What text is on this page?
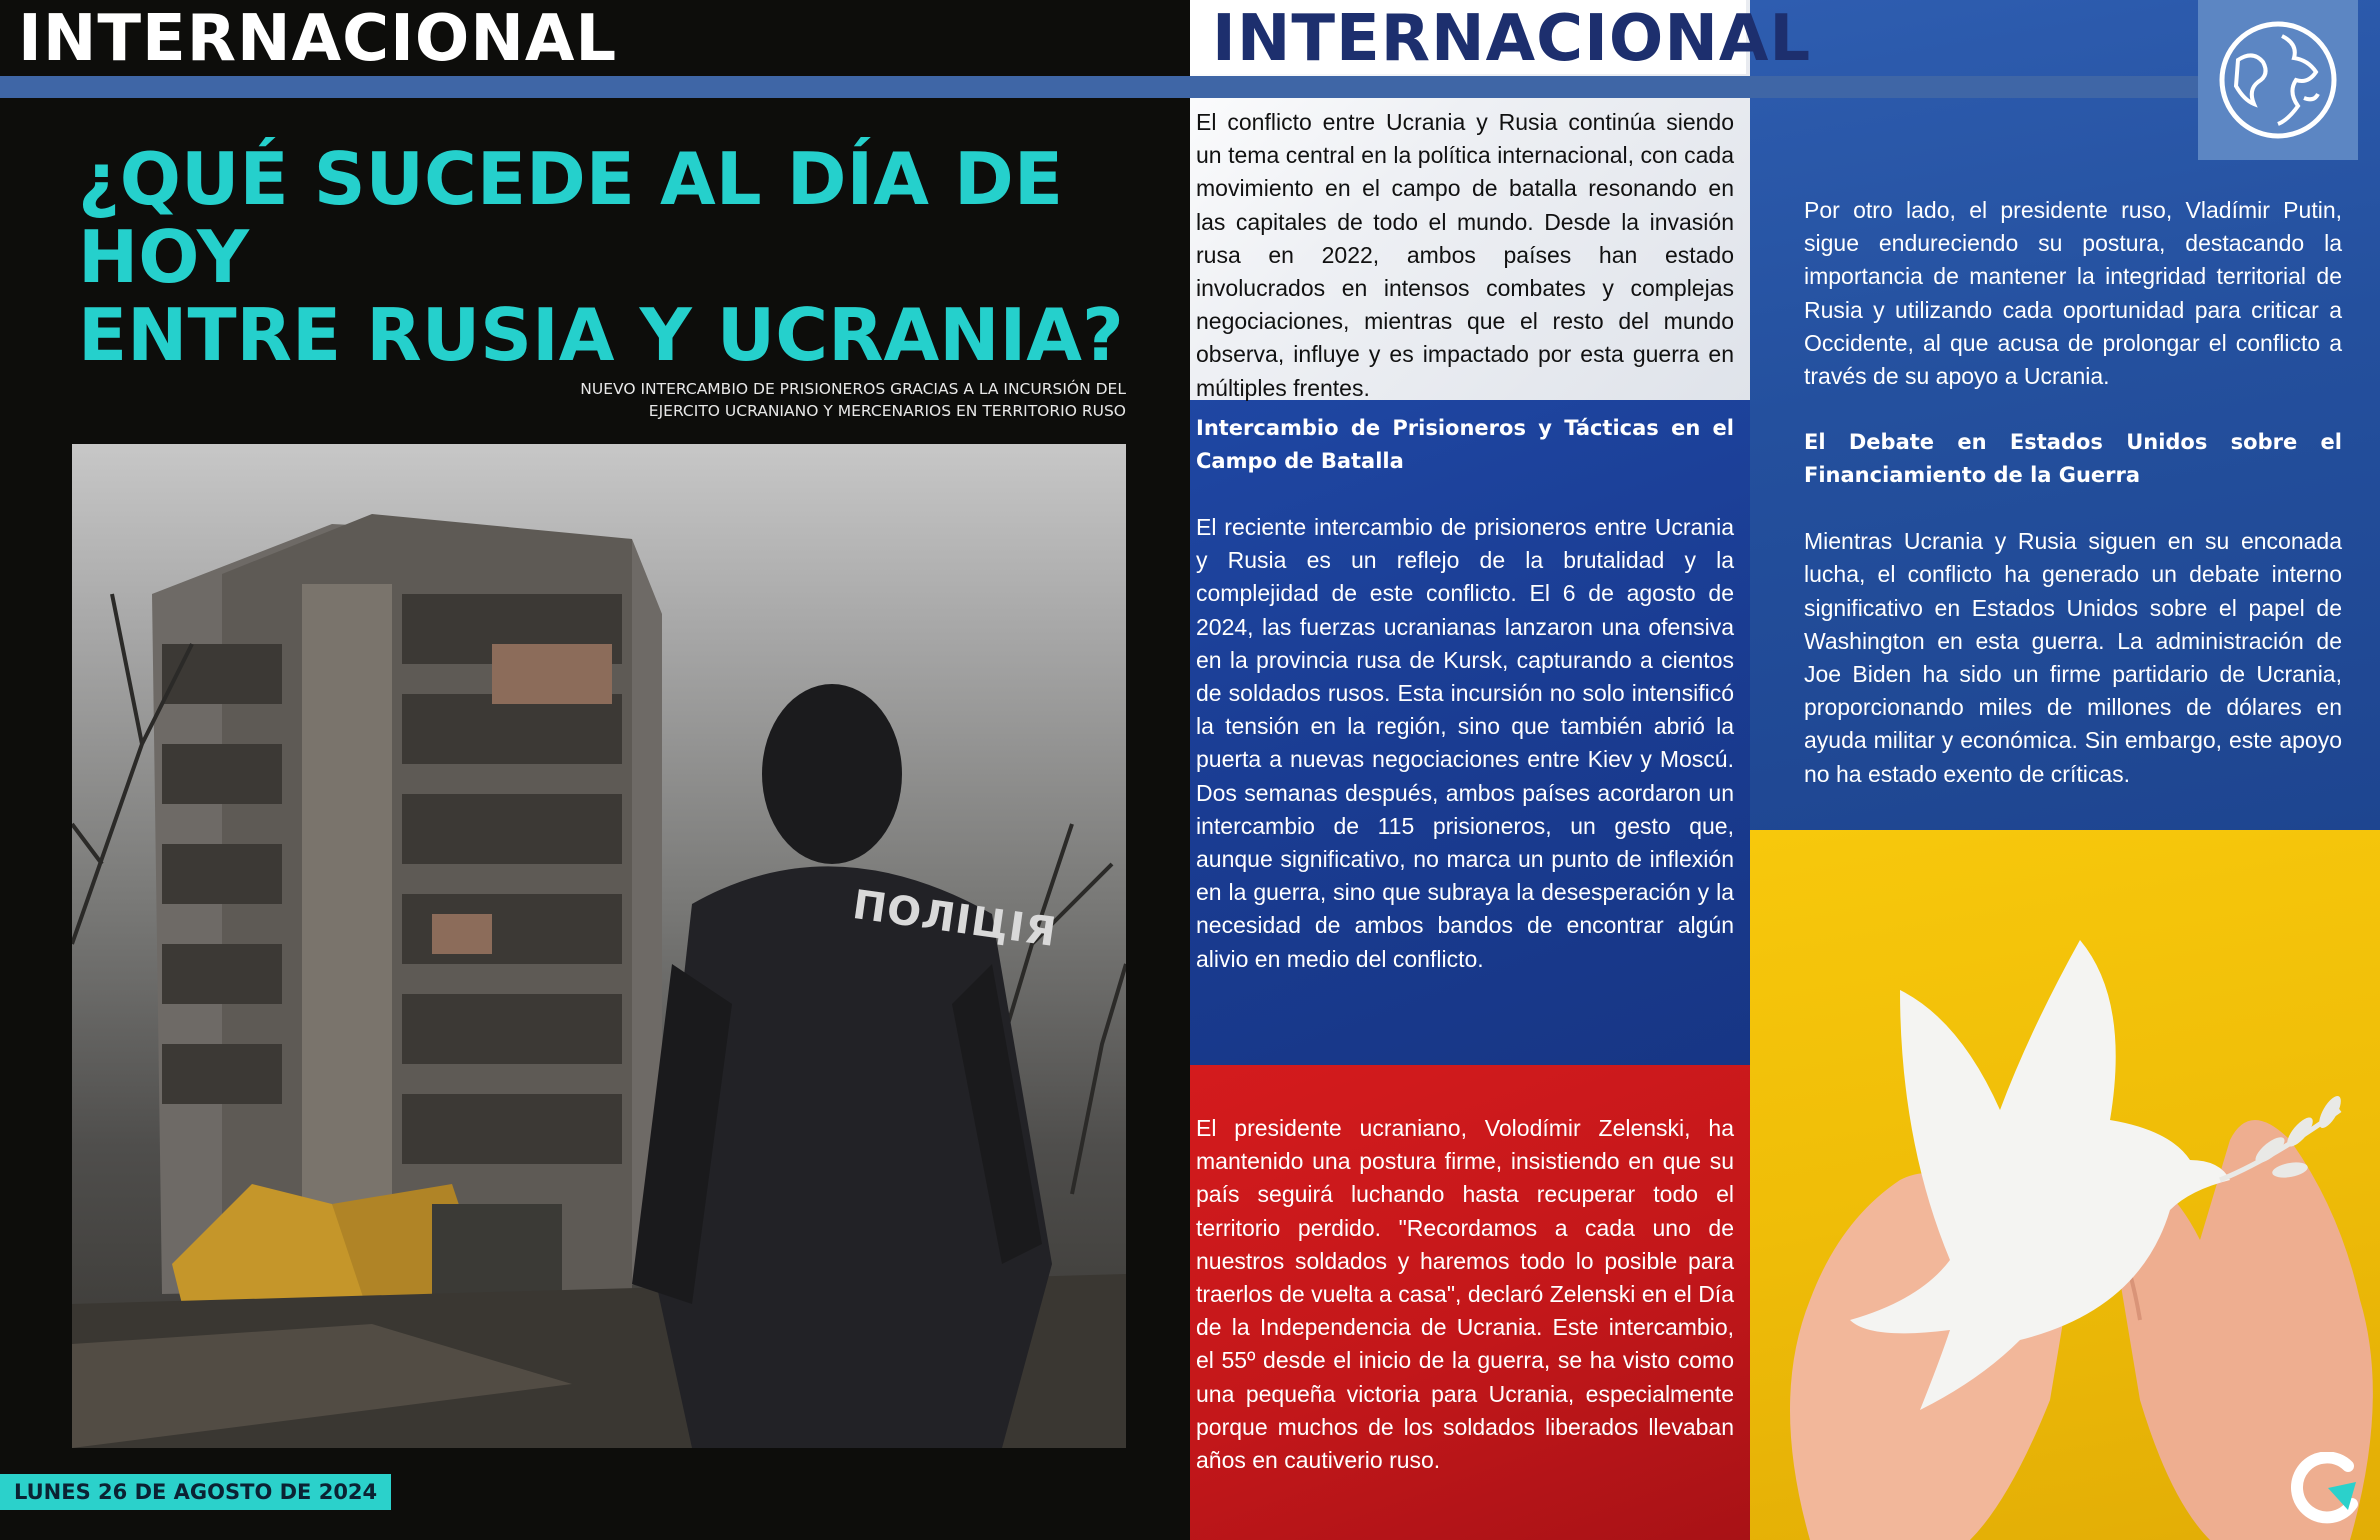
INTERNACIONAL
¿QUÉ SUCEDE AL DÍA DE HOY
ENTRE RUSIA Y UCRANIA?
NUEVO INTERCAMBIO DE PRISIONEROS GRACIAS A LA INCURSIÓN DEL
EJERCITO UCRANIANO Y MERCENARIOS EN TERRITORIO RUSO
ПОЛІЦІЯ
LUNES 26 DE AGOSTO DE 2024
INTERNACIONAL

El conflicto entre Ucrania y Rusia continúa siendo un tema central en la política internacional, con cada movimiento en el campo de batalla resonando en las capitales de todo el mundo. Desde la invasión rusa en 2022, ambos países han estado involucrados en intensos combates y complejas negociaciones, mientras que el resto del mundo observa, influye y es impactado por esta guerra en múltiples frentes.

Intercambio de Prisioneros y Tácticas en el Campo de Batalla

El reciente intercambio de prisioneros entre Ucrania y Rusia es un reflejo de la brutalidad y la complejidad de este conflicto. El 6 de agosto de 2024, las fuerzas ucranianas lanzaron una ofensiva en la provincia rusa de Kursk, capturando a cientos de soldados rusos. Esta incursión no solo intensificó la tensión en la región, sino que también abrió la puerta a nuevas negociaciones entre Kiev y Moscú. Dos semanas después, ambos países acordaron un intercambio de 115 prisioneros, un gesto que, aunque significativo, no marca un punto de inflexión en la guerra, sino que subraya la desesperación y la necesidad de ambos bandos de encontrar algún alivio en medio del conflicto.

El presidente ucraniano, Volodímir Zelenski, ha mantenido una postura firme, insistiendo en que su país seguirá luchando hasta recuperar todo el territorio perdido. "Recordamos a cada uno de nuestros soldados y haremos todo lo posible para traerlos de vuelta a casa", declaró Zelenski en el Día de la Independencia de Ucrania. Este intercambio, el 55º desde el inicio de la guerra, se ha visto como una pequeña victoria para Ucrania, especialmente porque muchos de los soldados liberados llevaban años en cautiverio ruso.

Por otro lado, el presidente ruso, Vladímir Putin, sigue endureciendo su postura, destacando la importancia de mantener la integridad territorial de Rusia y utilizando cada oportunidad para criticar a Occidente, al que acusa de prolongar el conflicto a través de su apoyo a Ucrania.

El Debate en Estados Unidos sobre el Financiamiento de la Guerra

Mientras Ucrania y Rusia siguen en su enconada lucha, el conflicto ha generado un debate interno significativo en Estados Unidos sobre el papel de Washington en esta guerra. La administración de Joe Biden ha sido un firme partidario de Ucrania, proporcionando miles de millones de dólares en ayuda militar y económica. Sin embargo, este apoyo no ha estado exento de críticas.
